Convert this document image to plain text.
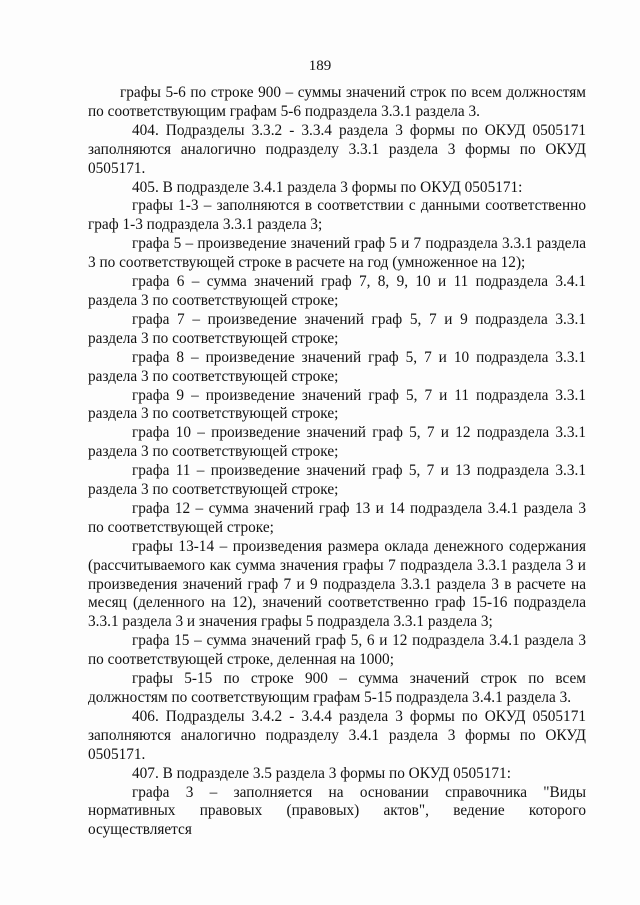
189

графы 5-6 по строке 900 – суммы значений строк по всем должностям по соответствующим графам 5-6 подраздела 3.3.1 раздела 3.

404. Подразделы 3.3.2 - 3.3.4 раздела 3 формы по ОКУД 0505171 заполняются аналогично подразделу 3.3.1 раздела 3 формы по ОКУД 0505171.

405. В подразделе 3.4.1 раздела 3 формы по ОКУД 0505171:

графы 1-3 – заполняются в соответствии с данными соответственно граф 1-3 подраздела 3.3.1 раздела 3;

графа 5 – произведение значений граф 5 и 7 подраздела 3.3.1 раздела 3 по соответствующей строке в расчете на год (умноженное на 12);

графа 6 – сумма значений граф 7, 8, 9, 10 и 11 подраздела 3.4.1 раздела 3 по соответствующей строке;

графа 7 – произведение значений граф 5, 7 и 9 подраздела 3.3.1 раздела 3 по соответствующей строке;

графа 8 – произведение значений граф 5, 7 и 10 подраздела 3.3.1 раздела 3 по соответствующей строке;

графа 9 – произведение значений граф 5, 7 и 11 подраздела 3.3.1 раздела 3 по соответствующей строке;

графа 10 – произведение значений граф 5, 7 и 12 подраздела 3.3.1 раздела 3 по соответствующей строке;

графа 11 – произведение значений граф 5, 7 и 13 подраздела 3.3.1 раздела 3 по соответствующей строке;

графа 12 – сумма значений граф 13 и 14 подраздела 3.4.1 раздела 3 по соответствующей строке;

графы 13-14 – произведения размера оклада денежного содержания (рассчитываемого как сумма значения графы 7 подраздела 3.3.1 раздела 3 и произведения значений граф 7 и 9 подраздела 3.3.1 раздела 3 в расчете на месяц (деленного на 12), значений соответственно граф 15-16 подраздела 3.3.1 раздела 3 и значения графы 5 подраздела 3.3.1 раздела 3;

графа 15 – сумма значений граф 5, 6 и 12 подраздела 3.4.1 раздела 3 по соответствующей строке, деленная на 1000;

графы 5-15 по строке 900 – сумма значений строк по всем должностям по соответствующим графам 5-15 подраздела 3.4.1 раздела 3.

406. Подразделы 3.4.2 - 3.4.4 раздела 3 формы по ОКУД 0505171 заполняются аналогично подразделу 3.4.1 раздела 3 формы по ОКУД 0505171.

407. В подразделе 3.5 раздела 3 формы по ОКУД 0505171:

графа 3 – заполняется на основании справочника "Виды нормативных правовых (правовых) актов", ведение которого осуществляется
